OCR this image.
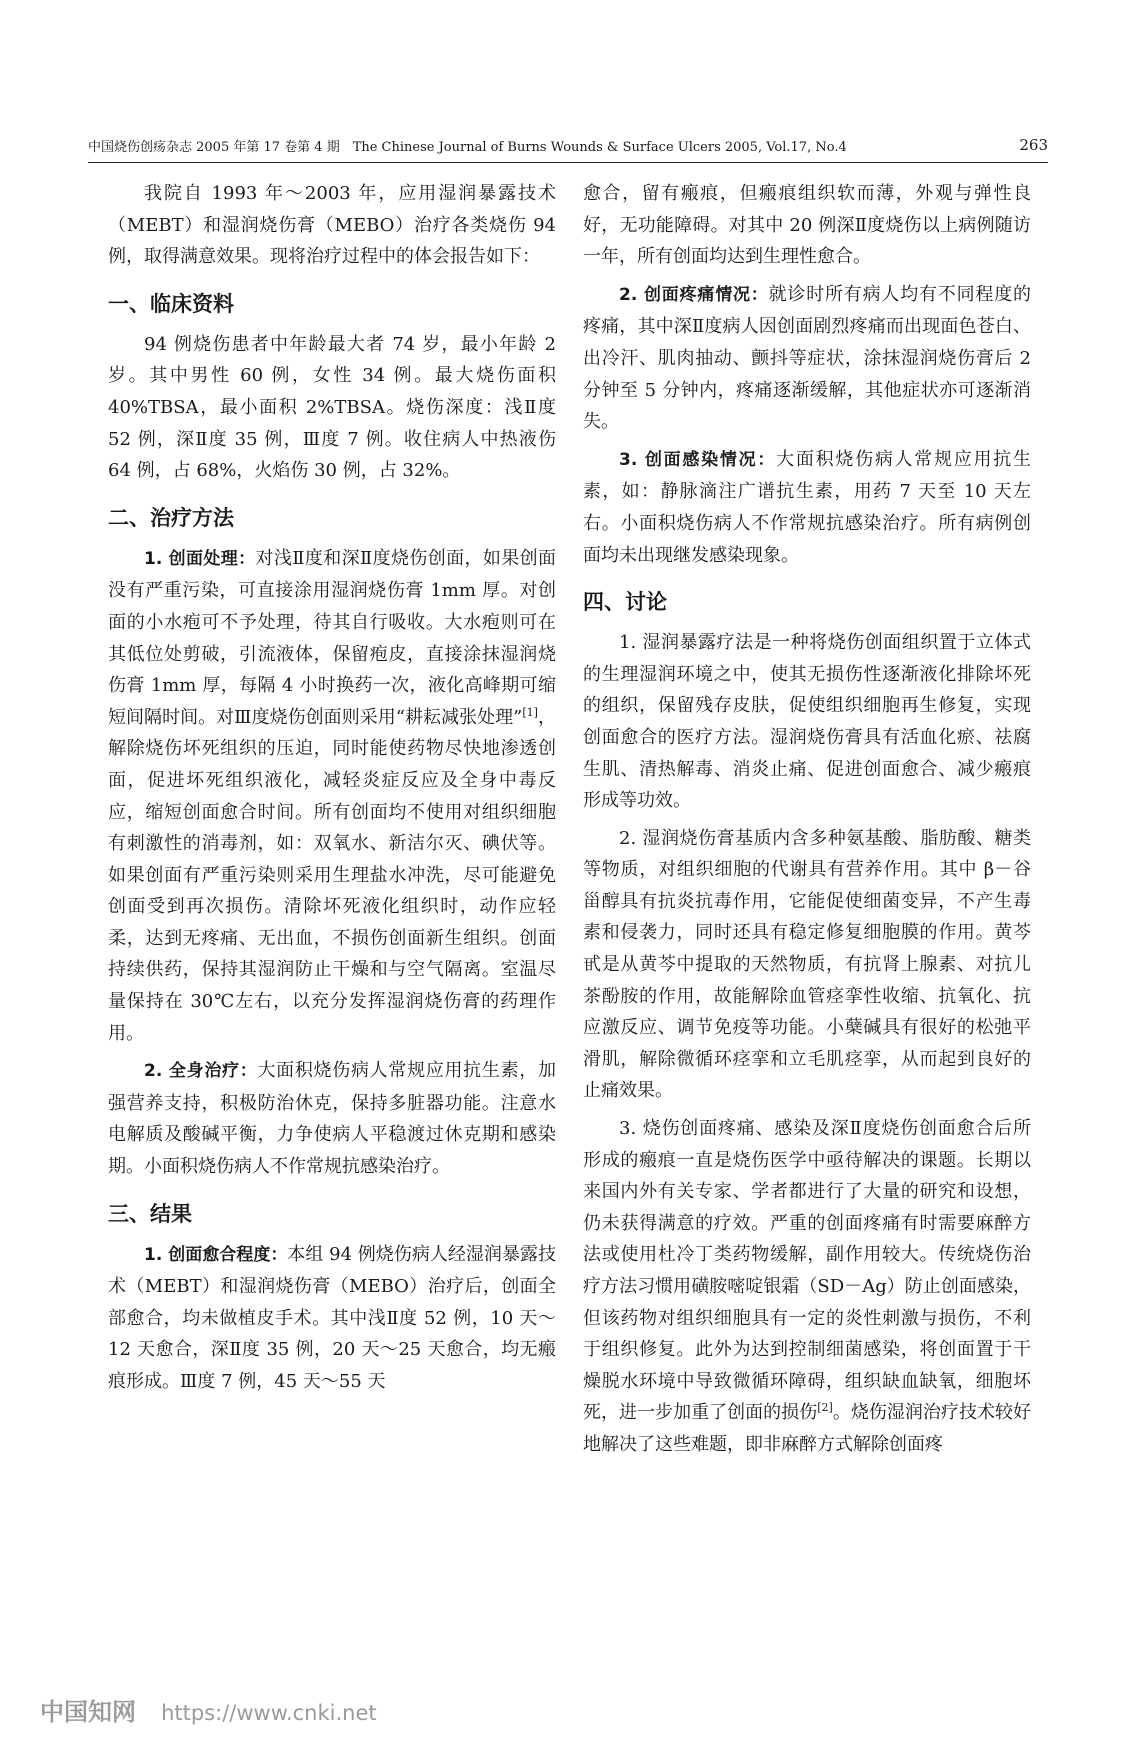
中国烧伤创疡杂志 2005 年第 17 卷第 4 期　The Chinese Journal of Burns Wounds & Surface Ulcers 2005, Vol.17, No.4	263

我院自 1993 年～2003 年，应用湿润暴露技术（MEBT）和湿润烧伤膏（MEBO）治疗各类烧伤 94 例，取得满意效果。现将治疗过程中的体会报告如下：

一、临床资料

94 例烧伤患者中年龄最大者 74 岁，最小年龄 2 岁。其中男性 60 例，女性 34 例。最大烧伤面积 40%TBSA，最小面积 2%TBSA。烧伤深度：浅Ⅱ度 52 例，深Ⅱ度 35 例，Ⅲ度 7 例。收住病人中热液伤 64 例，占 68%，火焰伤 30 例，占 32%。

二、治疗方法

1. 创面处理：对浅Ⅱ度和深Ⅱ度烧伤创面，如果创面没有严重污染，可直接涂用湿润烧伤膏 1mm 厚。对创面的小水疱可不予处理，待其自行吸收。大水疱则可在其低位处剪破，引流液体，保留疱皮，直接涂抹湿润烧伤膏 1mm 厚，每隔 4 小时换药一次，液化高峰期可缩短间隔时间。对Ⅲ度烧伤创面则采用“耕耘减张处理”[1]，解除烧伤坏死组织的压迫，同时能使药物尽快地渗透创面，促进坏死组织液化，减轻炎症反应及全身中毒反应，缩短创面愈合时间。所有创面均不使用对组织细胞有刺激性的消毒剂，如：双氧水、新洁尔灭、碘伏等。如果创面有严重污染则采用生理盐水冲洗，尽可能避免创面受到再次损伤。清除坏死液化组织时，动作应轻柔，达到无疼痛、无出血，不损伤创面新生组织。创面持续供药，保持其湿润防止干燥和与空气隔离。室温尽量保持在 30℃左右，以充分发挥湿润烧伤膏的药理作用。

2. 全身治疗：大面积烧伤病人常规应用抗生素，加强营养支持，积极防治休克，保持多脏器功能。注意水电解质及酸碱平衡，力争使病人平稳渡过休克期和感染期。小面积烧伤病人不作常规抗感染治疗。

三、结果

1. 创面愈合程度：本组 94 例烧伤病人经湿润暴露技术（MEBT）和湿润烧伤膏（MEBO）治疗后，创面全部愈合，均未做植皮手术。其中浅Ⅱ度 52 例，10 天～12 天愈合，深Ⅱ度 35 例，20 天～25 天愈合，均无瘢痕形成。Ⅲ度 7 例，45 天～55 天

愈合，留有瘢痕，但瘢痕组织软而薄，外观与弹性良好，无功能障碍。对其中 20 例深Ⅱ度烧伤以上病例随访一年，所有创面均达到生理性愈合。

2. 创面疼痛情况：就诊时所有病人均有不同程度的疼痛，其中深Ⅱ度病人因创面剧烈疼痛而出现面色苍白、出冷汗、肌肉抽动、颤抖等症状，涂抹湿润烧伤膏后 2 分钟至 5 分钟内，疼痛逐渐缓解，其他症状亦可逐渐消失。

3. 创面感染情况：大面积烧伤病人常规应用抗生素，如：静脉滴注广谱抗生素，用药 7 天至 10 天左右。小面积烧伤病人不作常规抗感染治疗。所有病例创面均未出现继发感染现象。

四、讨论

1. 湿润暴露疗法是一种将烧伤创面组织置于立体式的生理湿润环境之中，使其无损伤性逐渐液化排除坏死的组织，保留残存皮肤，促使组织细胞再生修复，实现创面愈合的医疗方法。湿润烧伤膏具有活血化瘀、祛腐生肌、清热解毒、消炎止痛、促进创面愈合、减少瘢痕形成等功效。

2. 湿润烧伤膏基质内含多种氨基酸、脂肪酸、糖类等物质，对组织细胞的代谢具有营养作用。其中 β－谷甾醇具有抗炎抗毒作用，它能促使细菌变异，不产生毒素和侵袭力，同时还具有稳定修复细胞膜的作用。黄芩甙是从黄芩中提取的天然物质，有抗肾上腺素、对抗儿茶酚胺的作用，故能解除血管痉挛性收缩、抗氧化、抗应激反应、调节免疫等功能。小蘖碱具有很好的松弛平滑肌，解除微循环痉挛和立毛肌痉挛，从而起到良好的止痛效果。

3. 烧伤创面疼痛、感染及深Ⅱ度烧伤创面愈合后所形成的瘢痕一直是烧伤医学中亟待解决的课题。长期以来国内外有关专家、学者都进行了大量的研究和设想，仍未获得满意的疗效。严重的创面疼痛有时需要麻醉方法或使用杜冷丁类药物缓解，副作用较大。传统烧伤治疗方法习惯用磺胺嘧啶银霜（SD－Ag）防止创面感染，但该药物对组织细胞具有一定的炎性刺激与损伤，不利于组织修复。此外为达到控制细菌感染，将创面置于干燥脱水环境中导致微循环障碍，组织缺血缺氧，细胞坏死，进一步加重了创面的损伤[2]。烧伤湿润治疗技术较好地解决了这些难题，即非麻醉方式解除创面疼

中国知网 https://www.cnki.net
